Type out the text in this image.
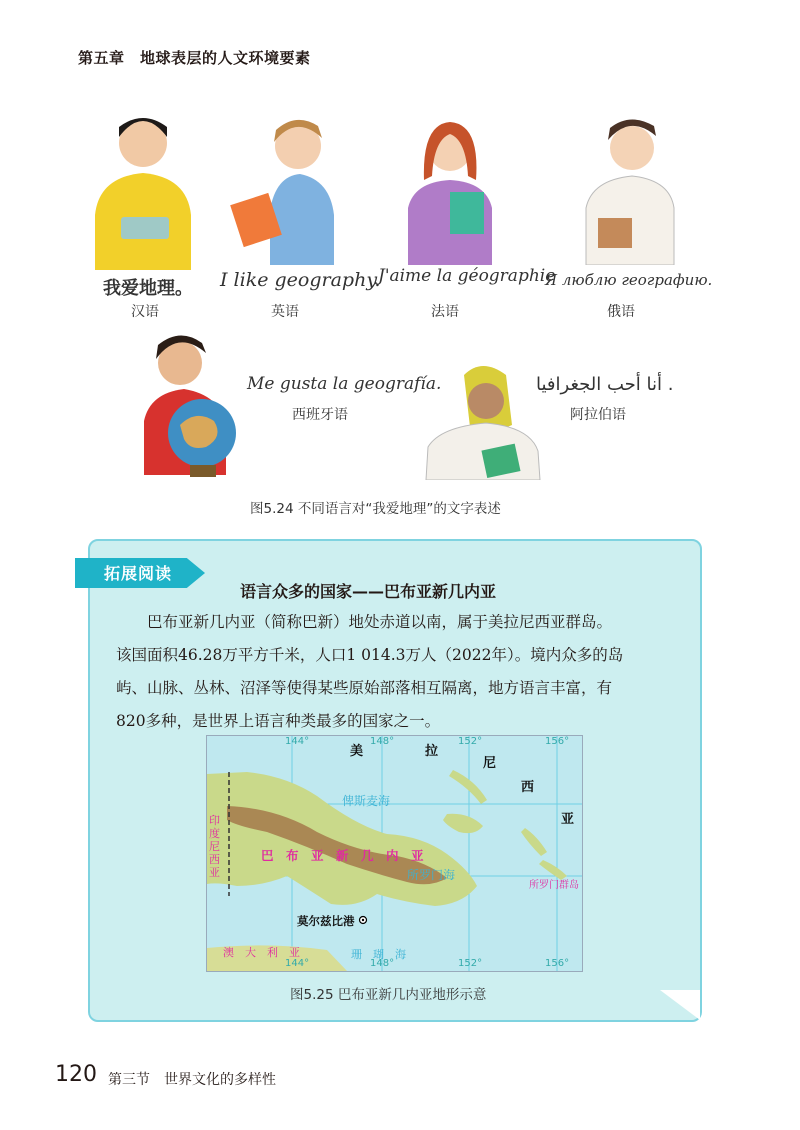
第五章　地球表层的人文环境要素
我爱地理。 I like geography.
J'aime la géographie
Я люблю географию.
汉语	英语	法语	俄语
Me gusta la geografía.	أنا أحب الجغرافيا .
西班牙语	阿拉伯语
图5.24 不同语言对“我爱地理”的文字表述
拓展阅读
语言众多的国家——巴布亚新几内亚
　　巴布亚新几内亚（简称巴新）地处赤道以南，属于美拉尼西亚群岛。
该国面积46.28万平方千米，人口1 014.3万人（2022年）。境内众多的岛
屿、山脉、丛林、沼泽等使得某些原始部落相互隔离，地方语言丰富，有
820多种，是世界上语言种类最多的国家之一。
144°	148°	152°	156°
美	拉
尼
西
亚
俾斯麦海
巴　布　亚　新　几　内　亚
所罗门海
所罗门群岛
莫尔兹比港
印度尼西亚
澳　大　利　亚	珊　瑚　海
144°	148°	152°	156°
图5.25 巴布亚新几内亚地形示意
120 第三节　世界文化的多样性
